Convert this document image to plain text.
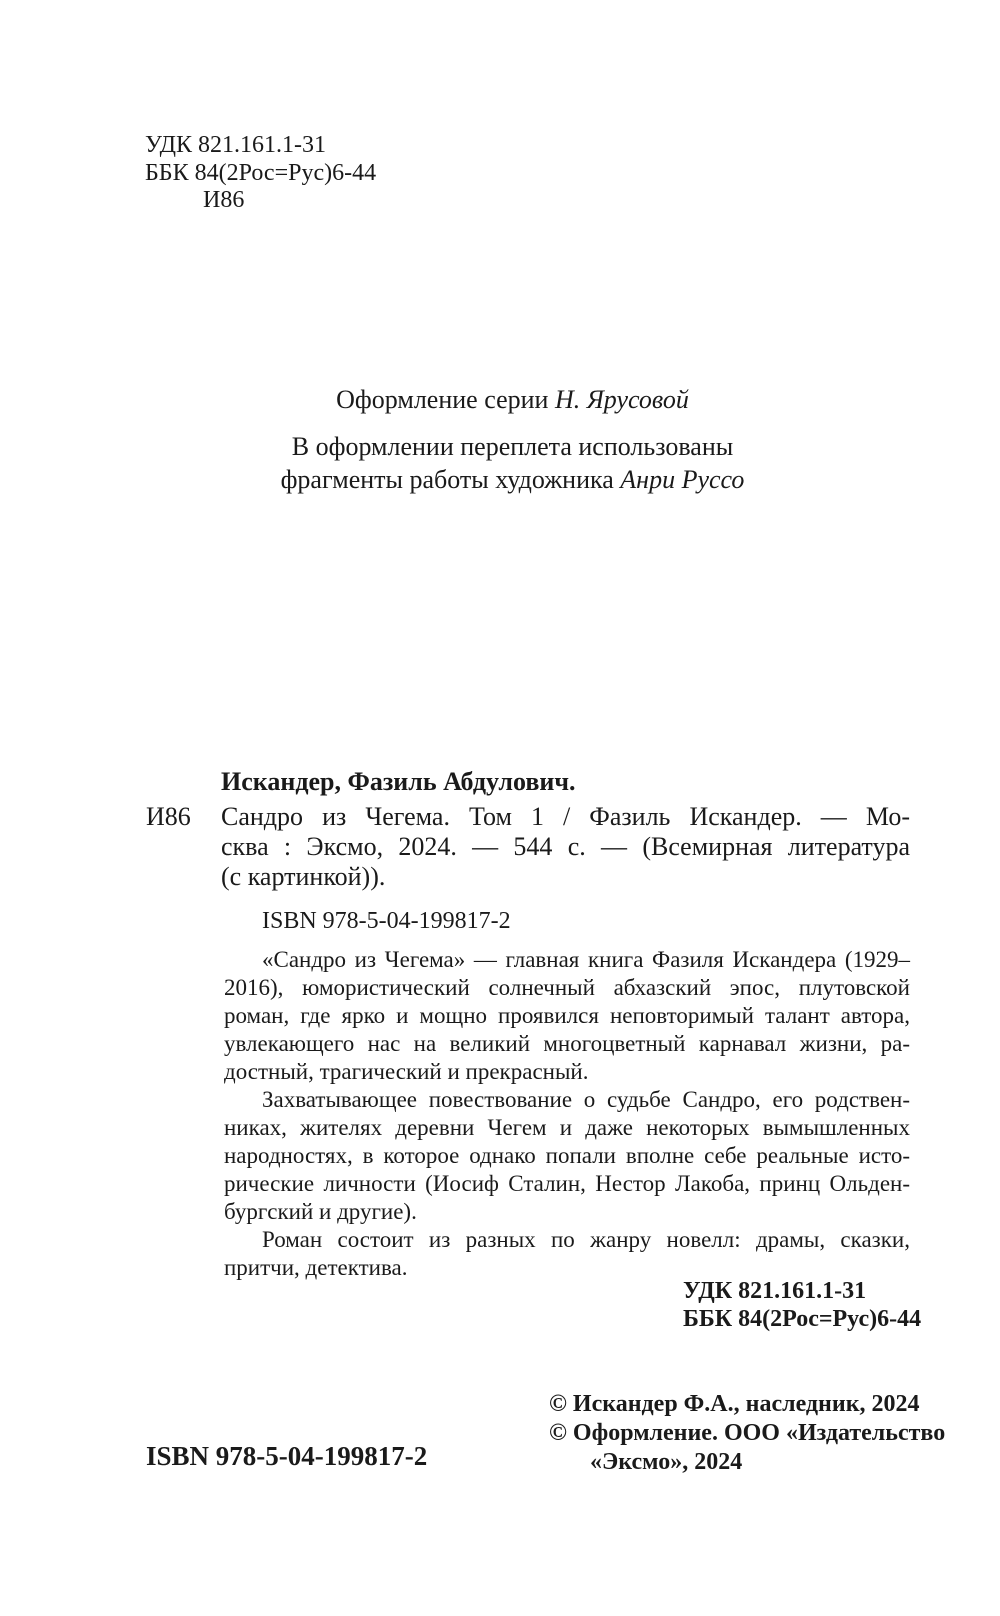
УДК 821.161.1-31
ББК 84(2Рос=Рус)6-44
И86
Оформление серии Н. Ярусовой
В оформлении переплета использованы
фрагменты работы художника Анри Руссо
Искандер, Фазиль Абдулович.
И86 Сандро из Чегема. Том 1 / Фазиль Искандер. — Мо-
сква : Эксмо, 2024. — 544 с. — (Всемирная литература
(с картинкой)).
ISBN 978-5-04-199817-2
«Сандро из Чегема» — главная книга Фазиля Искандера (1929–
2016), юмористический солнечный абхазский эпос, плутовской
роман, где ярко и мощно проявился неповторимый талант автора,
увлекающего нас на великий многоцветный карнавал жизни, ра-
достный, трагический и прекрасный.
Захватывающее повествование о судьбе Сандро, его родствен-
никах, жителях деревни Чегем и даже некоторых вымышленных
народностях, в которое однако попали вполне себе реальные исто-
рические личности (Иосиф Сталин, Нестор Лакоба, принц Ольден-
бургский и другие).
Роман состоит из разных по жанру новелл: драмы, сказки,
притчи, детектива.
УДК 821.161.1-31
ББК 84(2Рос=Рус)6-44
© Искандер Ф.А., наследник, 2024
© Оформление. ООО «Издательство
«Эксмо», 2024
ISBN 978-5-04-199817-2
